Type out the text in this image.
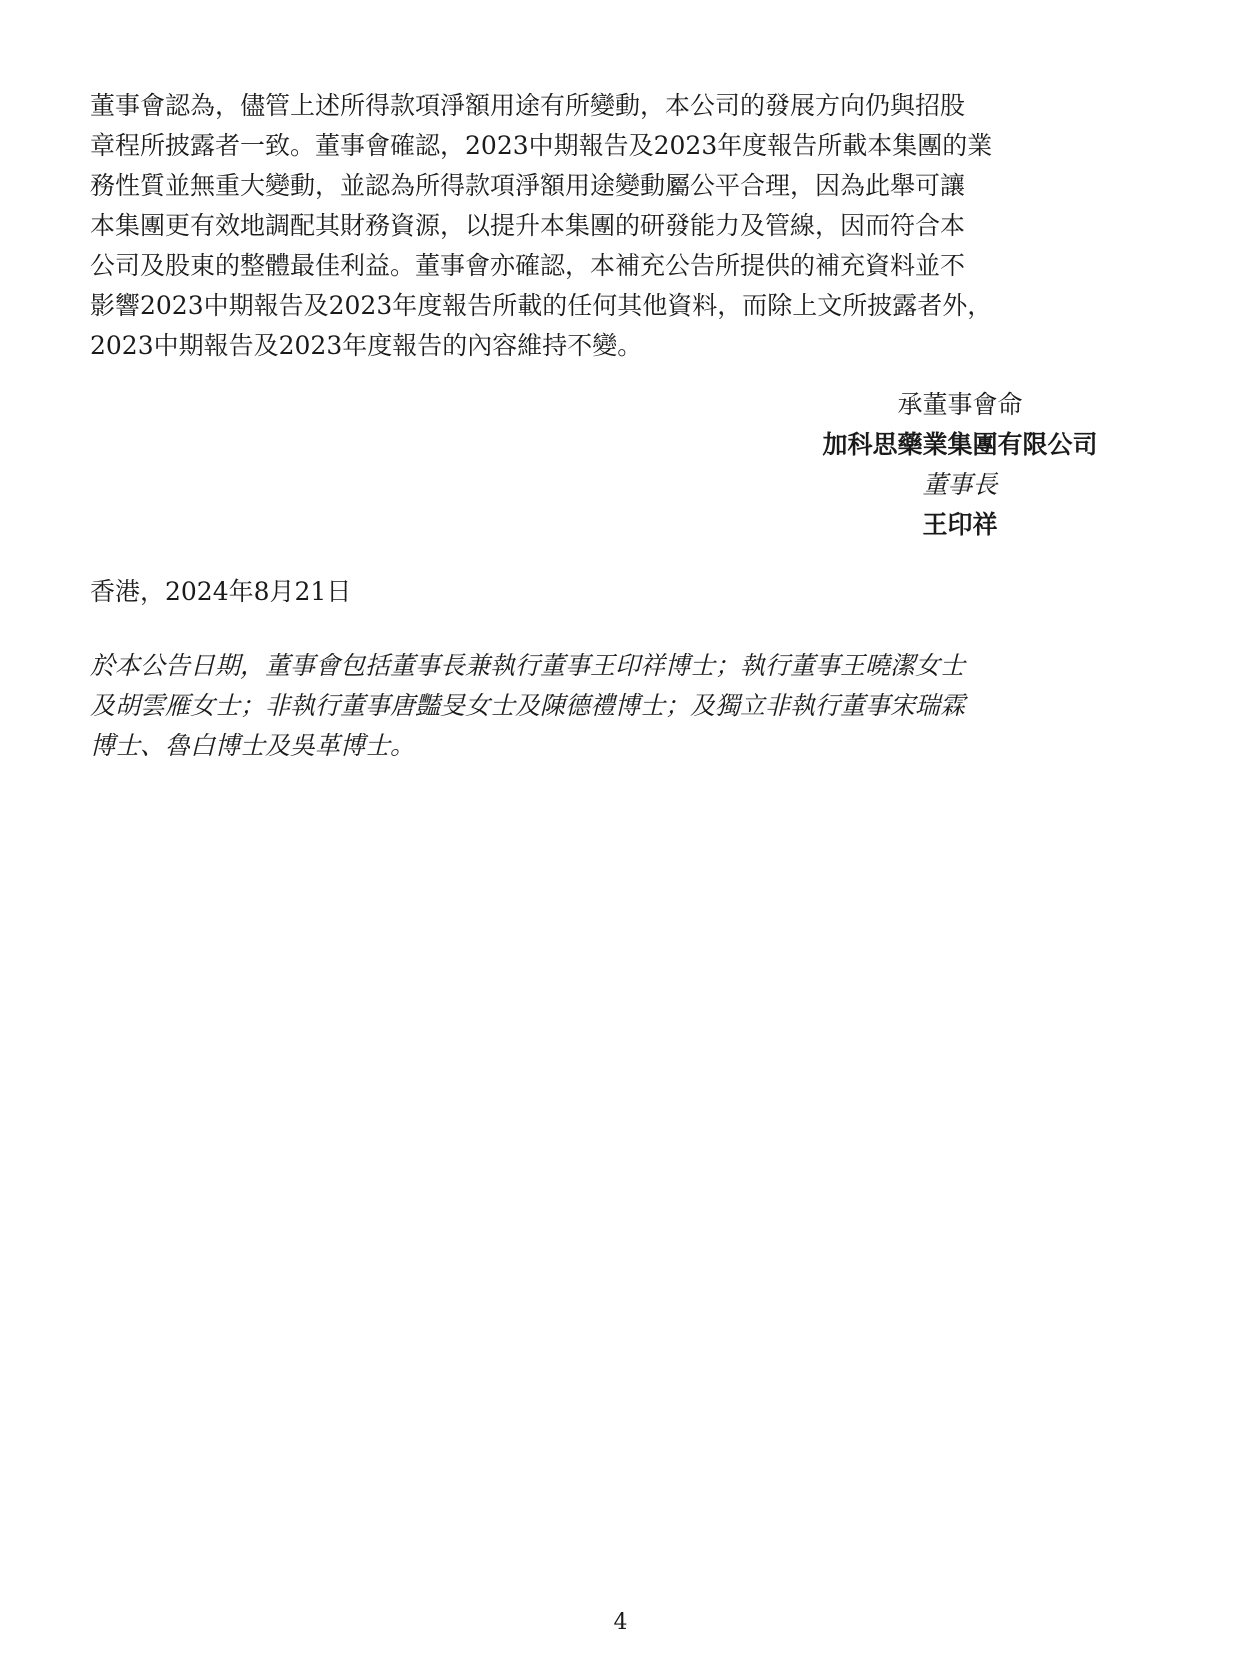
董事會認為，儘管上述所得款項淨額用途有所變動，本公司的發展方向仍與招股
章程所披露者一致。董事會確認，2023中期報告及2023年度報告所載本集團的業
務性質並無重大變動，並認為所得款項淨額用途變動屬公平合理，因為此舉可讓
本集團更有效地調配其財務資源，以提升本集團的研發能力及管線，因而符合本
公司及股東的整體最佳利益。董事會亦確認，本補充公告所提供的補充資料並不
影響2023中期報告及2023年度報告所載的任何其他資料，而除上文所披露者外，
2023中期報告及2023年度報告的內容維持不變。

承董事會命
加科思藥業集團有限公司
董事長
王印祥
香港，2024年8月21日

於本公告日期，董事會包括董事長兼執行董事王印祥博士；執行董事王曉潔女士
及胡雲雁女士；非執行董事唐豔旻女士及陳德禮博士；及獨立非執行董事宋瑞霖
博士、魯白博士及吳革博士。

4
